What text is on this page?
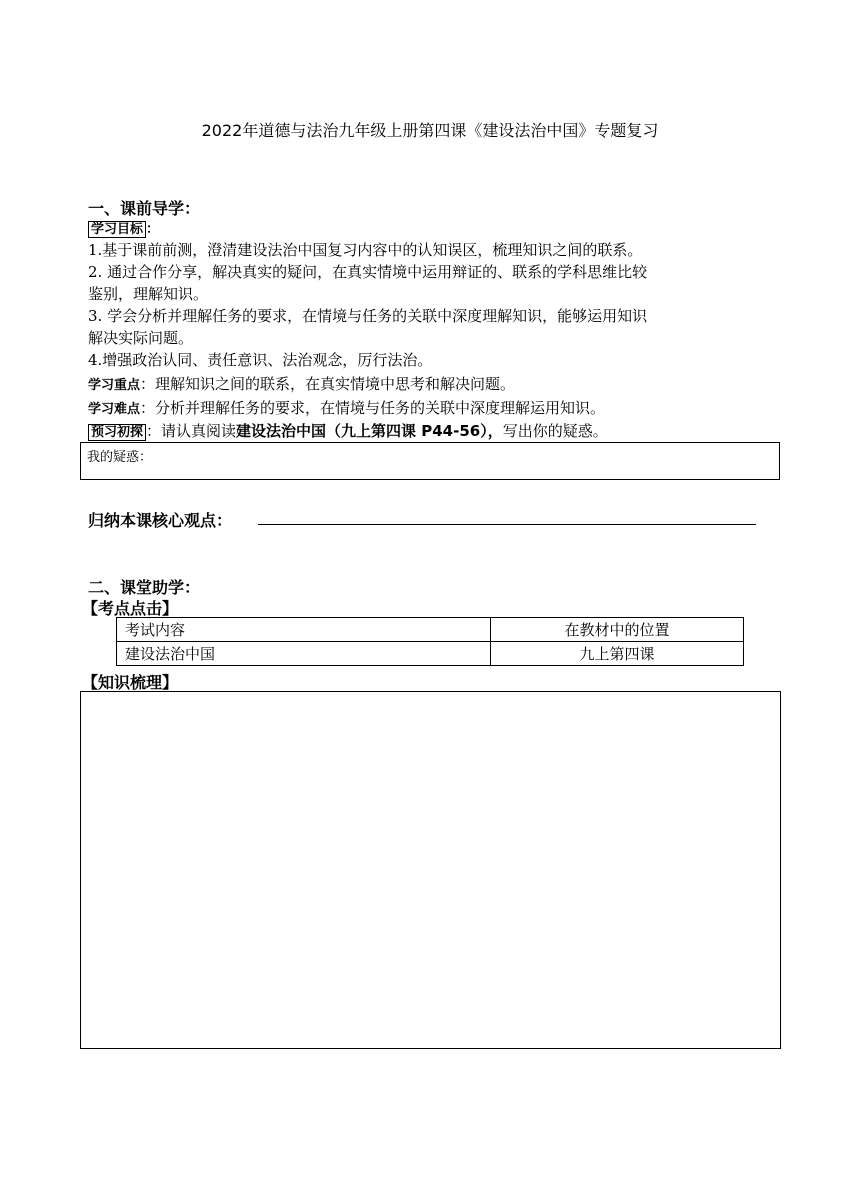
2022年道德与法治九年级上册第四课《建设法治中国》专题复习
一、课前导学：
学习目标 ：
1.基于课前前测，澄清建设法治中国复习内容中的认知误区，梳理知识之间的联系。
2. 通过合作分享，解决真实的疑问，在真实情境中运用辩证的、联系的学科思维比较
鉴别，理解知识。
3. 学会分析并理解任务的要求，在情境与任务的关联中深度理解知识，能够运用知识
解决实际问题。
4.增强政治认同、责任意识、法治观念，厉行法治。
学习重点：理解知识之间的联系，在真实情境中思考和解决问题。
学习难点：分析并理解任务的要求，在情境与任务的关联中深度理解运用知识。
预习初探 ：请认真阅读建设法治中国（九上第四课 P44-56），写出你的疑惑。
我的疑惑：
归纳本课核心观点：
二、课堂助学：
【考点点击】
考试内容	在教材中的位置
建设法治中国	九上第四课
【知识梳理】
